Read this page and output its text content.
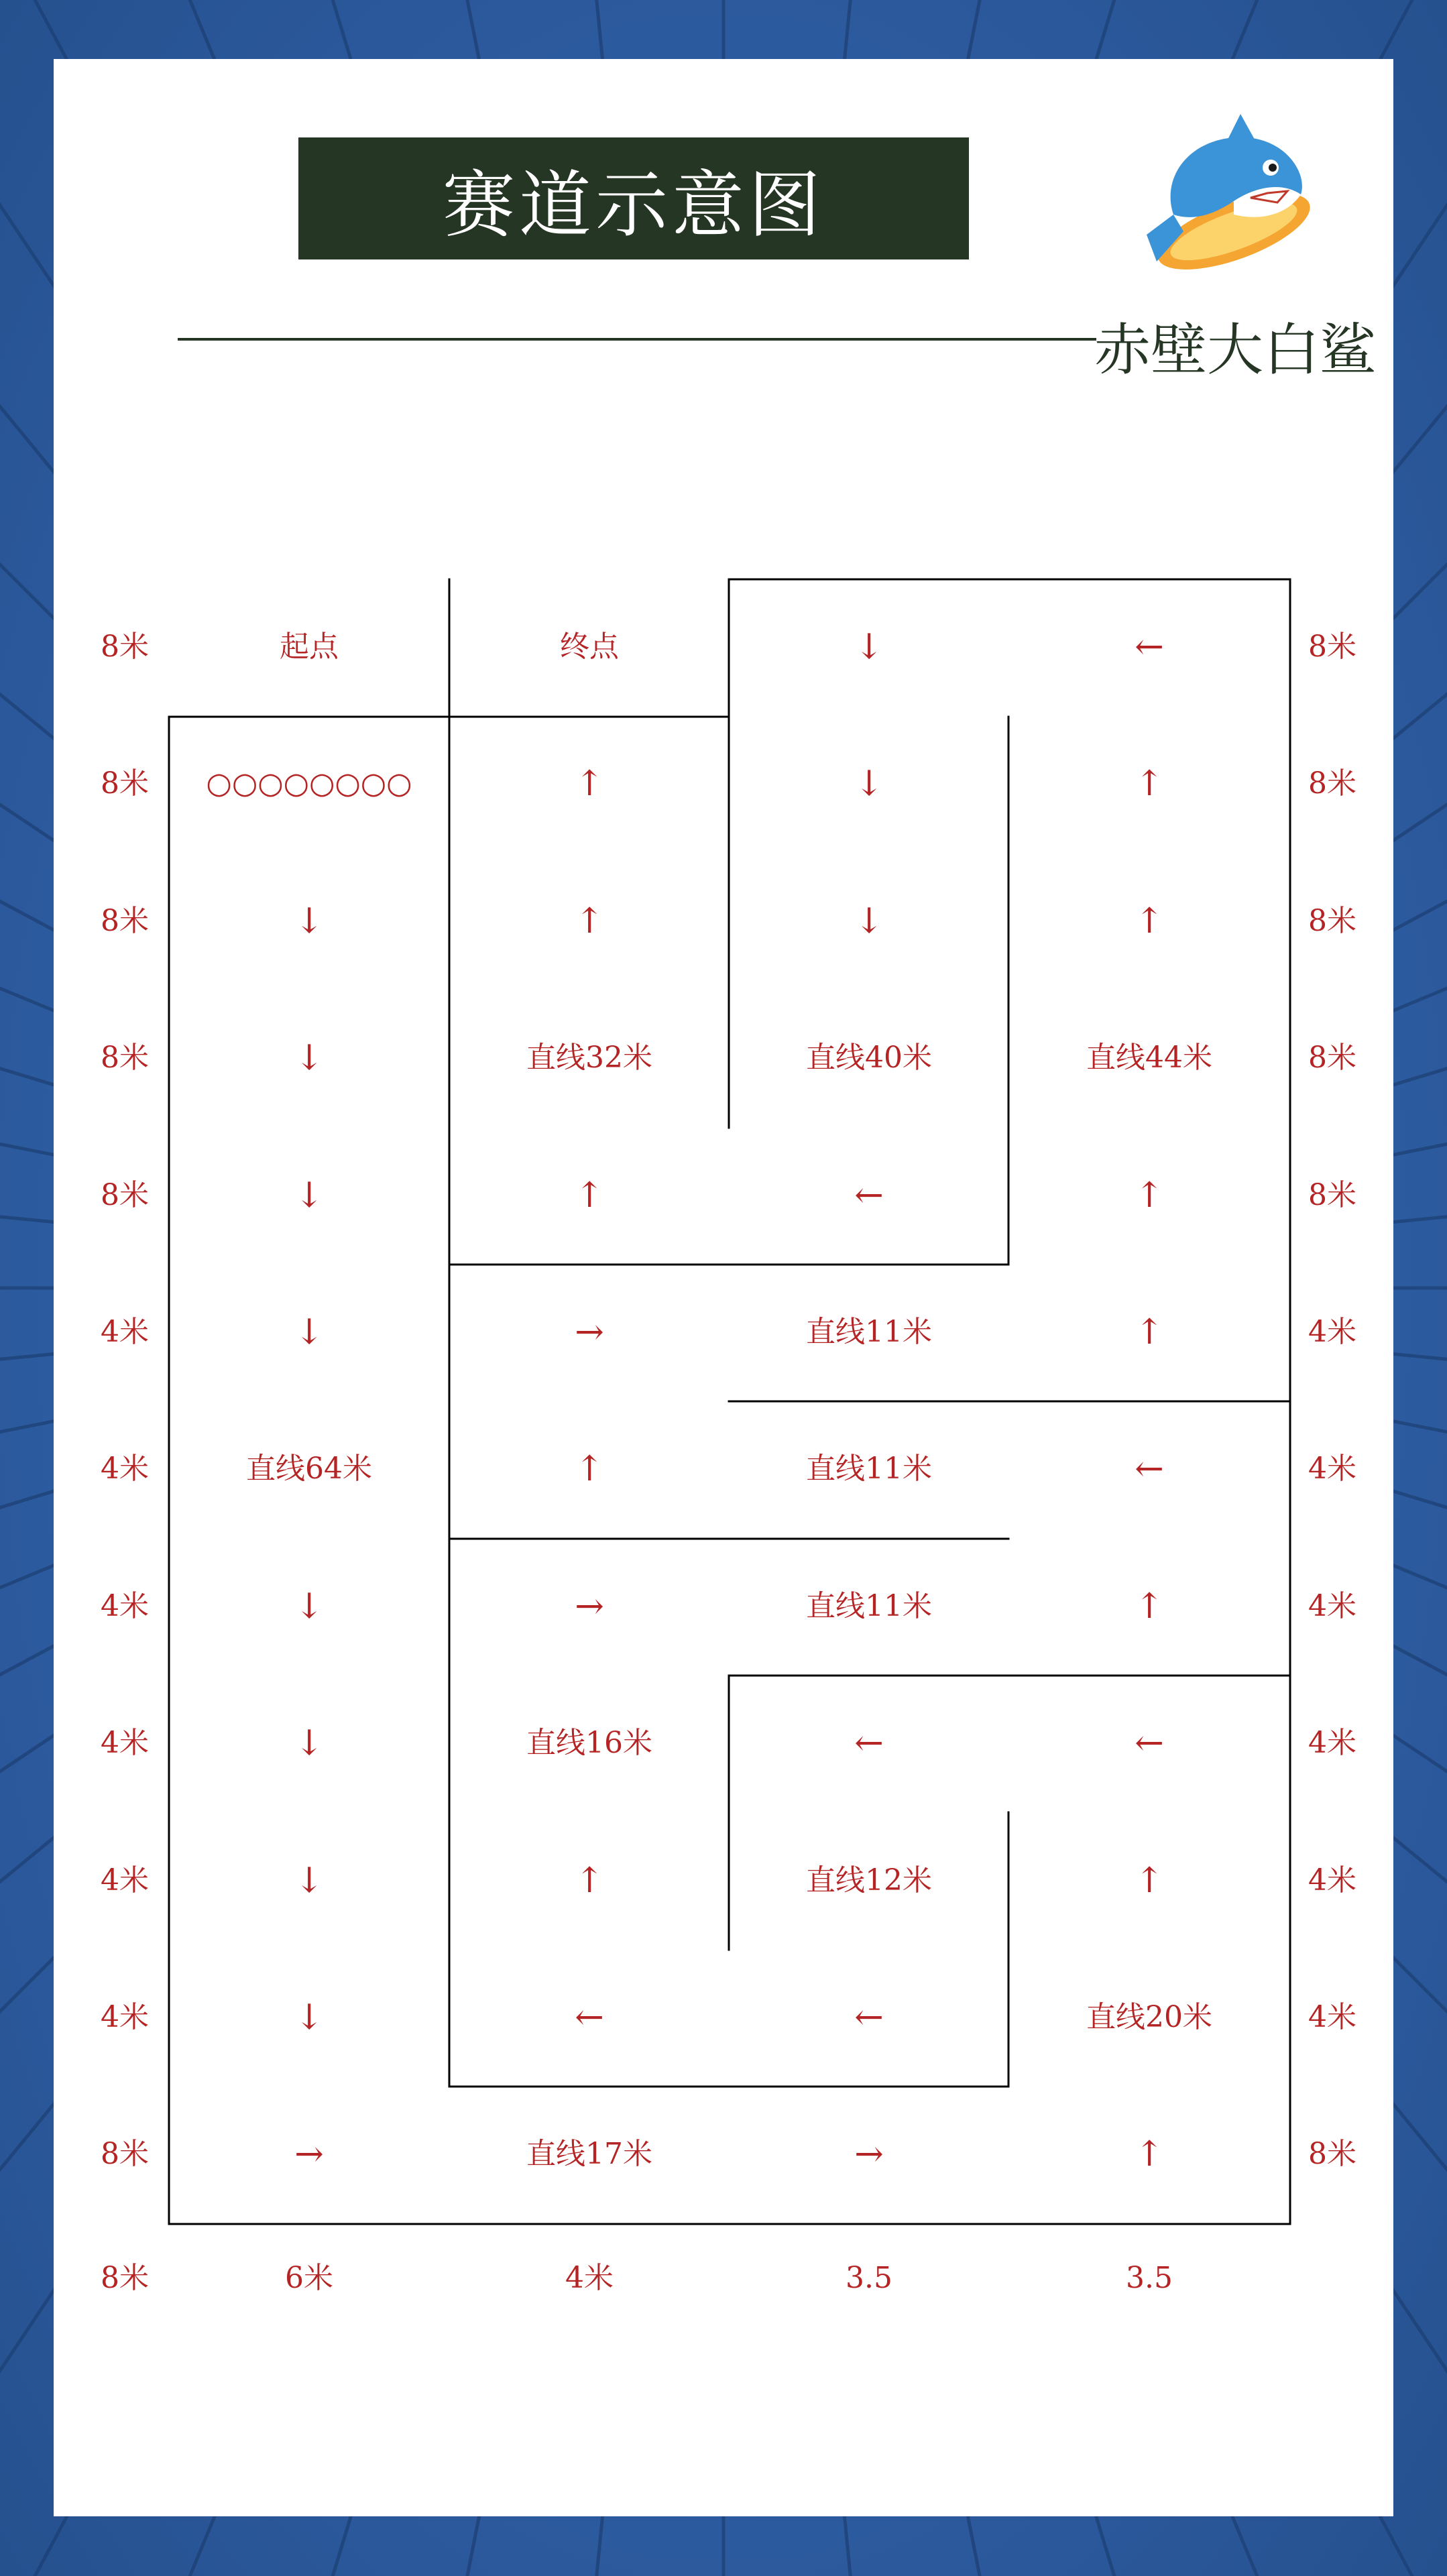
赛道示意图
赤壁大白鲨
8米	起点	终点	↓	←	8米
8米 ○○○○○○○○	↑	↓	↑	8米
8米	↓	↑	↓	↑	8米
8米	↓	直线32米	直线40米	直线44米	8米
8米	↓	↑	←	↑	8米
4米	↓	→	直线11米	↑	4米
4米	直线64米	↑	直线11米	←	4米
4米	↓	→	直线11米	↑	4米
4米	↓	直线16米	←	←	4米
4米	↓	↑	直线12米	↑	4米
4米	↓	←	←	直线20米	4米
8米	→	直线17米	→	↑	8米
8米	6米	4米	3.5	3.5
